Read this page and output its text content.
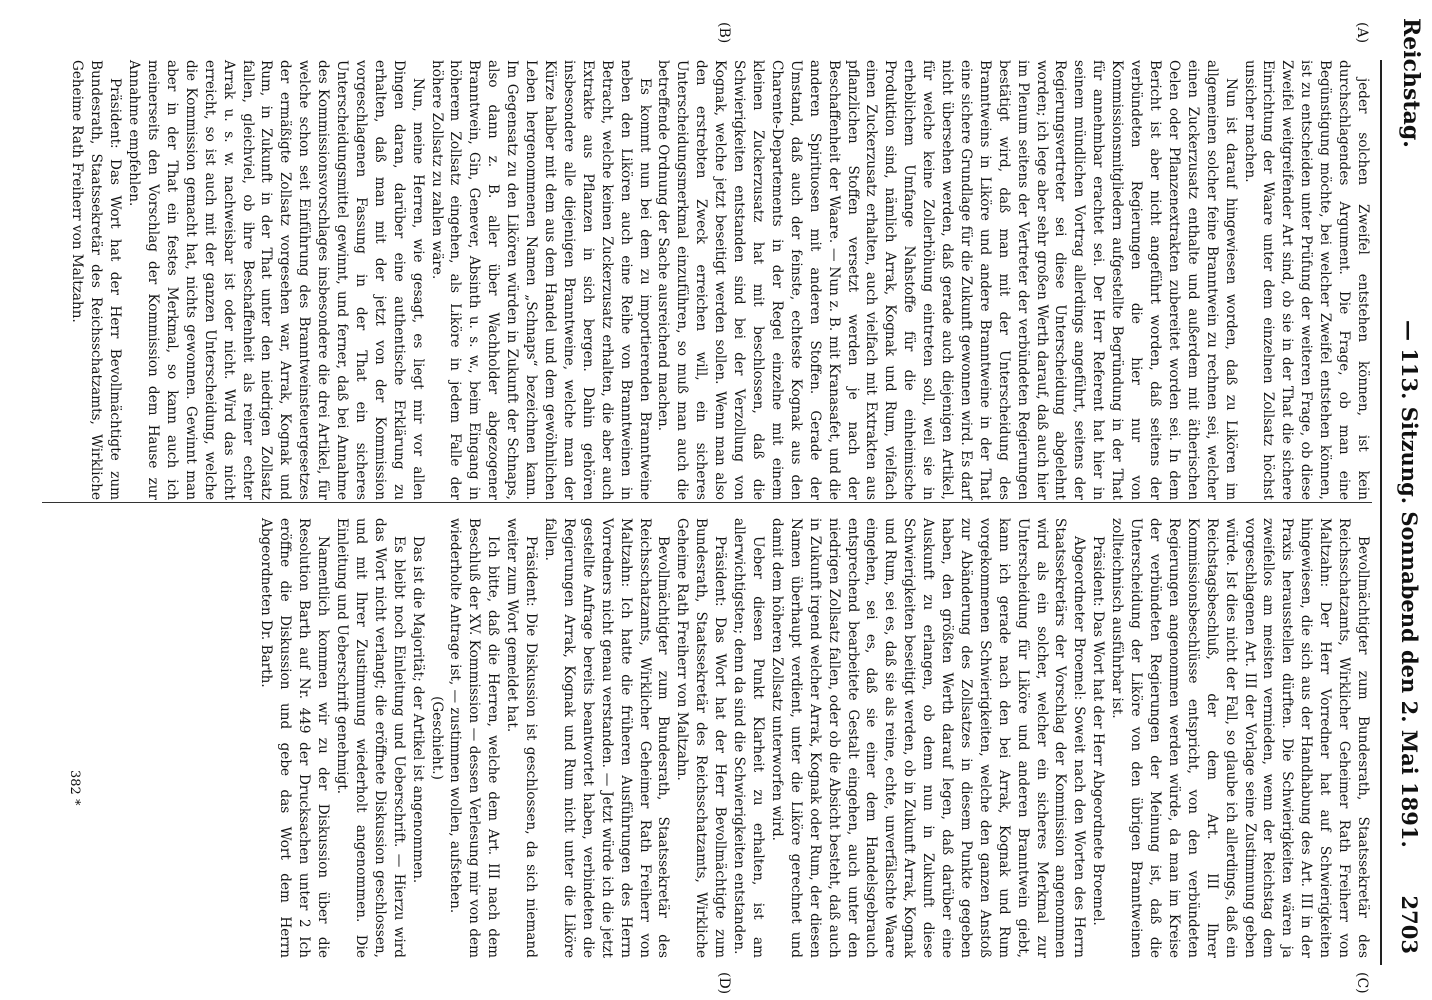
Reichstag.
— 113. Sitzung. Sonnabend den 2. Mai 1891.
2703
(A)
(B)
(C)
(D)

jeder solchen Zweifel entstehen können, ist kein durchschlagendes Argument. Die Frage, ob man eine Begünstigung möchte, bei welcher Zweifel entstehen können, ist zu entscheiden unter Prüfung der weiteren Frage, ob diese Zweifel weitgreifender Art sind, ob sie in der That die sichere Einrichtung der Waare unter dem einzelnen Zollsatz höchst unsicher machen.

Nun ist darauf hingewiesen worden, daß zu Likören im allgemeinen solcher feine Branntwein zu rechnen sei, welcher einen Zuckerzusatz enthalte und außerdem mit ätherischen Oelen oder Pflanzenextrakten zubereitet worden sei. In dem Bericht ist aber nicht angeführt worden, daß seitens der verbündeten Regierungen die hier nur von Kommissionsmitgliedern aufgestellte Begründung in der That für annehmbar erachtet sei. Der Herr Referent hat hier in seinem mündlichen Vortrag allerdings angeführt, seitens der Regierungsvertreter sei diese Unterscheidung abgelehnt worden; ich lege aber sehr großen Werth darauf, daß auch hier im Plenum seitens der Vertreter der verbündeten Regierungen bestätigt wird, daß man mit der Unterscheidung des Branntweins in Liköre und andere Branntweine in der That eine sichere Grundlage für die Zukunft gewonnen wird. Es darf nicht übersehen werden, daß gerade auch diejenigen Artikel, für welche keine Zollerhöhung eintreten soll, weil sie in erheblichem Umfange Nahstoffe für die einheimische Produktion sind, nämlich Arrak, Kognak und Rum, vielfach einen Zuckerzusatz erhalten, auch vielfach mit Extrakten aus pflanzlichen Stoffen versetzt werden je nach der Beschaffenheit der Waare. — Nun z. B. mit Kranasafet, und die anderen Spirituosen mit anderen Stoffen. Gerade der Umstand, daß auch der feinste, echteste Kognak aus den Charente-Departements in der Regel einzelne mit einem kleinen Zuckerzusatz hat mit beschlossen, daß die Schwierigkeiten entstanden sind bei der Verzollung von Kognak, welche jetzt beseitigt werden sollen. Wenn man also den erstrebten Zweck erreichen will, ein sicheres Unterscheidungsmerkmal einzuführen, so muß man auch die betreffende Ordnung der Sache ausreichend machen.

Es kommt nun bei dem zu importierenden Branntweine neben den Likören auch eine Reihe von Branntweinen in Betracht, welche keinen Zuckerzusatz erhalten, die aber auch Extrakte aus Pflanzen in sich bergen. Dahin gehören insbesondere alle diejenigen Branntweine, welche man der Kürze halber mit dem aus dem Handel und dem gewöhnlichen Leben hergenommenen Namen „Schnaps“ bezeichnen kann. Im Gegensatz zu den Likören würden in Zukunft der Schnaps, also dann z. B. aller über Wachholder abgezogener Branntwein, Gin, Genever, Absinth u. s. w., beim Eingang in höherem Zollsatz eingehen, als Liköre in jedem Falle der höhere Zollsatz zu zahlen wäre.

Nun, meine Herren, wie gesagt, es liegt mir vor allen Dingen daran, darüber eine authentische Erklärung zu erhalten, daß man mit der jetzt von der Kommission vorgeschlagenen Fassung in der That ein sicheres Unterscheidungsmittel gewinnt, und ferner, daß bei Annahme des Kommissionsvorschlages insbesondere die drei Artikel, für welche schon seit Einführung des Branntweinsteuergesetzes der ermäßigte Zollsatz vorgesehen war, Arrak, Kognak und Rum, in Zukunft in der That unter den niedrigen Zollsatz fallen, gleichviel, ob ihre Beschaffenheit als reiner echter Arrak u. s. w. nachweisbar ist oder nicht. Wird das nicht erreicht, so ist auch mit der ganzen Unterscheidung, welche die Kommission gemacht hat, nichts gewonnen. Gewinnt man aber in der That ein festes Merkmal, so kann auch ich meinerseits den Vorschlag der Kommission dem Hause zur Annahme empfehlen.

Präsident: Das Wort hat der Herr Bevollmächtigte zum Bundesrath, Staatssekretär des Reichsschatzamts, Wirkliche Geheime Rath Freiherr von Maltzahn.

Bevollmächtigter zum Bundesrath, Staatssekretär des Reichsschatzamts, Wirklicher Geheimer Rath Freiherr von Maltzahn: Der Herr Vorredner hat auf Schwierigkeiten hingewiesen, die sich aus der Handhabung des Art. III in der Praxis herausstellen dürften. Die Schwierigkeiten wären ja zweifellos am meisten vermieden, wenn der Reichstag dem vorgeschlagenen Art. III der Vorlage seine Zustimmung geben würde. Ist dies nicht der Fall, so glaube ich allerdings, daß ein Reichstagsbeschluß, der dem Art. III Ihrer Kommissionsbeschlüsse entspricht, von den verbündeten Regierungen angenommen werden würde, da man im Kreise der verbündeten Regierungen der Meinung ist, daß die Unterscheidung der Liköre von den übrigen Branntweinen zollteichnisch ausführbar ist.

Präsident: Das Wort hat der Herr Abgeordnete Broemel.

Abgeordneter Broemel: Soweit nach den Worten des Herrn Staatssekretärs der Vorschlag der Kommission angenommen wird als ein solcher, welcher ein sicheres Merkmal zur Unterscheidung für Liköre und anderen Branntwein giebt, kann ich gerade nach den bei Arrak, Kognak und Rum vorgekommenen Schwierigkeiten, welche den ganzen Anstoß zur Abänderung des Zollsatzes in diesem Punkte gegeben haben, den größten Werth darauf legen, daß darüber eine Auskunft zu erlangen, ob denn nun in Zukunft diese Schwierigkeiten beseitigt werden, ob in Zukunft Arrak, Kognak und Rum, sei es, daß sie als reine, echte, unverfälschte Waare eingehen, sei es, daß sie einer dem Handelsgebrauch entsprechend bearbeitete Gestalt eingehen, auch unter den niedrigen Zollsatz fallen, oder ob die Absicht besteht, daß auch in Zukunft irgend welcher Arrak, Kognak oder Rum, der diesen Namen überhaupt verdient, unter die Liköre gerechnet und damit dem höheren Zollsatz unterworfen wird.

Ueber diesen Punkt Klarheit zu erhalten, ist am allerwichtigsten; denn da sind die Schwierigkeiten entstanden.

Präsident: Das Wort hat der Herr Bevollmächtigte zum Bundesrath, Staatssekretär des Reichsschatzamts, Wirkliche Geheime Rath Freiherr von Maltzahn.

Bevollmächtigter zum Bundesrath, Staatssekretär des Reichsschatzamts, Wirklicher Geheimer Rath Freiherr von Maltzahn: Ich hatte die früheren Ausführungen des Herrn Vorredners nicht genau verstanden. — Jetzt würde ich die jetzt gestellte Anfrage bereits beantwortet haben, verbindeten die Regierungen Arrak, Kognak und Rum nicht unter die Liköre fallen.

Präsident: Die Diskussion ist geschlossen, da sich niemand weiter zum Wort gemeldet hat.

Ich bitte, daß die Herren, welche dem Art. III nach dem Beschluß der XV. Kommission — dessen Verlesung mir von dem wiederholte Antrage ist, — zustimmen wollen, aufstehen.

(Geschieht.)

Das ist die Majorität; der Artikel ist angenommen.

Es bleibt noch Einleitung und Ueberschrift. — Hierzu wird das Wort nicht verlangt; die eröffnete Diskussion geschlossen, und mit Ihrer Zustimmung wiederholt angenommen. Die Einleitung und Ueberschrift genehmigt.

Namentlich kommen wir zu der Diskussion über die Resolution Barth auf Nr. 449 der Drucksachen unter 2 Ich eröffne die Diskussion und gebe das Wort dem Herrn Abgeordneten Dr. Barth.

382 *
